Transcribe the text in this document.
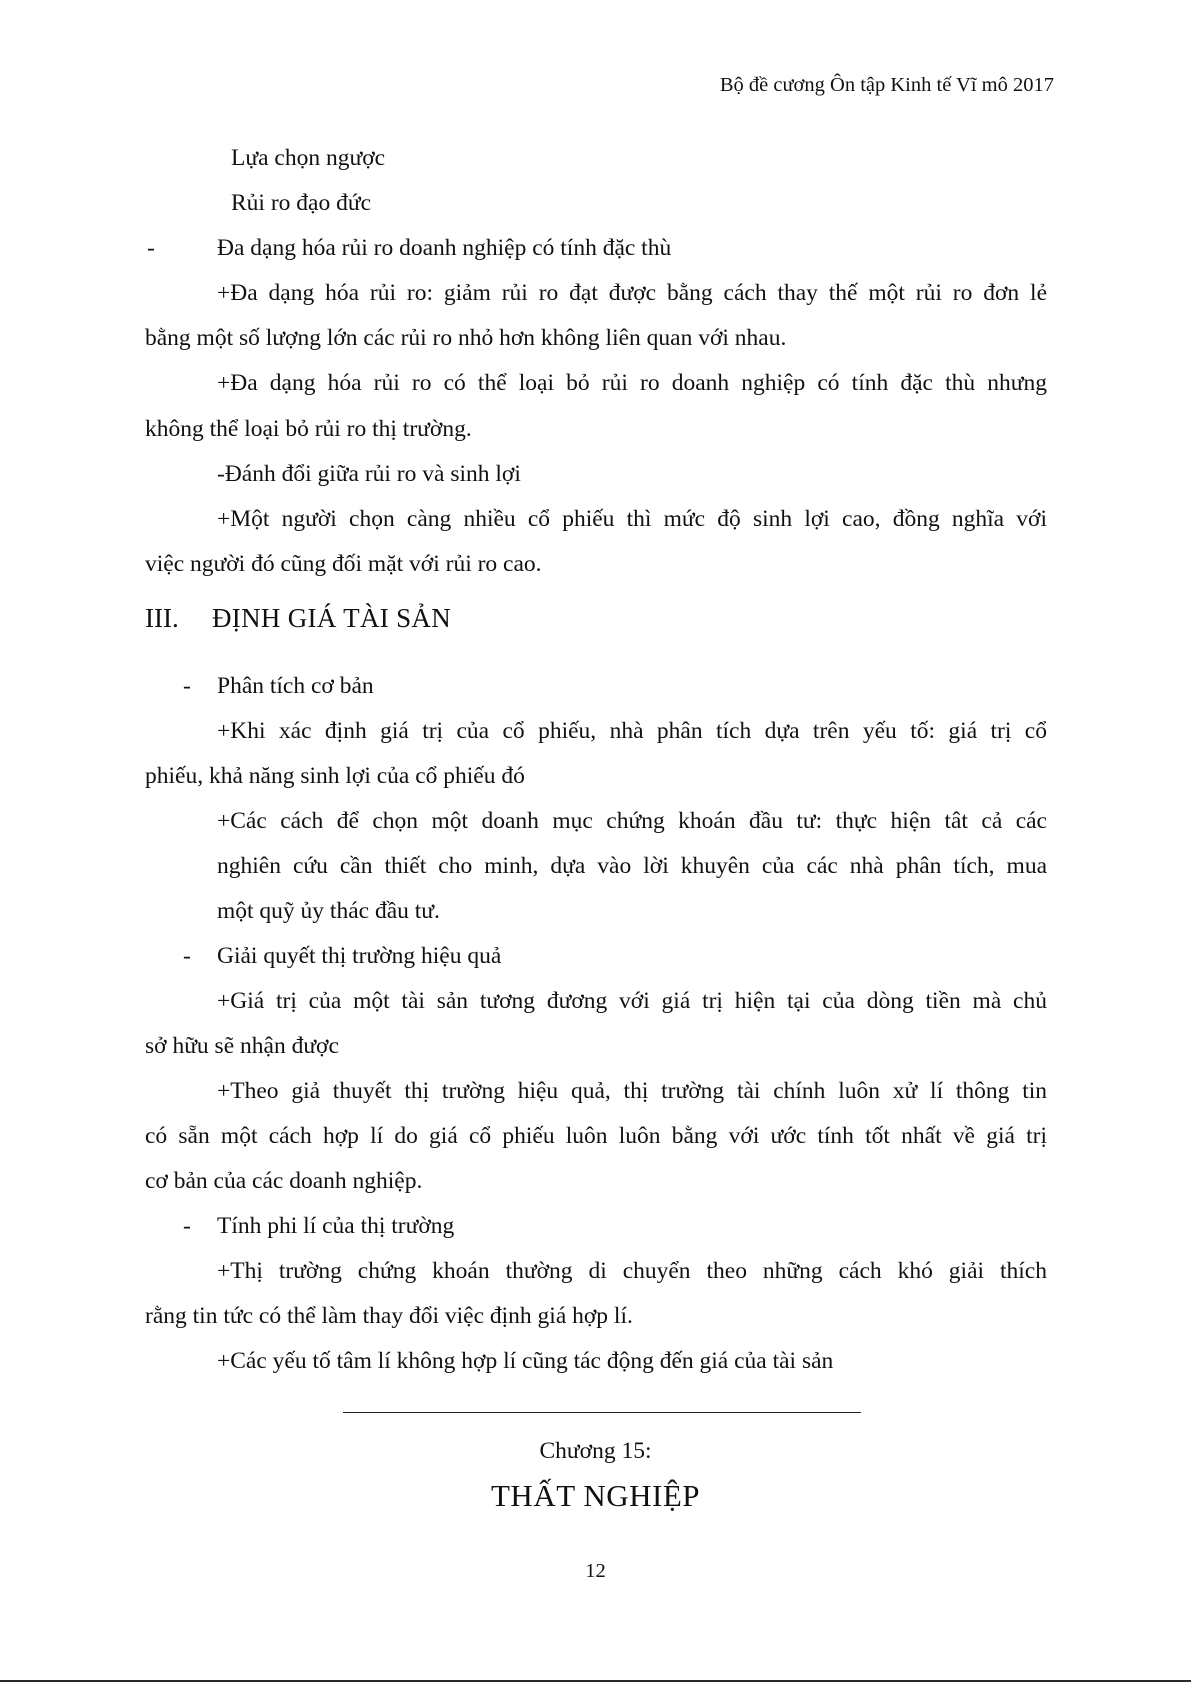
Bộ đề cương Ôn tập Kinh tế Vĩ mô 2017
Lựa chọn ngược
Rủi ro đạo đức
-	Đa dạng hóa rủi ro doanh nghiệp có tính đặc thù
+Đa dạng hóa rủi ro: giảm rủi ro đạt được bằng cách thay thế một rủi ro đơn lẻ
bằng một số lượng lớn các rủi ro nhỏ hơn không liên quan với nhau.
+Đa dạng hóa rủi ro có thể loại bỏ rủi ro doanh nghiệp có tính đặc thù nhưng
không thể loại bỏ rủi ro thị trường.
-Đánh đổi giữa rủi ro và sinh lợi
+Một người chọn càng nhiều cổ phiếu thì mức độ sinh lợi cao, đồng nghĩa với
việc người đó cũng đối mặt với rủi ro cao.
III. ĐỊNH GIÁ TÀI SẢN
- Phân tích cơ bản
+Khi xác định giá trị của cổ phiếu, nhà phân tích dựa trên yếu tố: giá trị cổ
phiếu, khả năng sinh lợi của cổ phiếu đó
+Các cách để chọn một doanh mục chứng khoán đầu tư: thực hiện tât cả các
nghiên cứu cần thiết cho minh, dựa vào lời khuyên của các nhà phân tích, mua
một quỹ ủy thác đầu tư.
- Giải quyết thị trường hiệu quả
+Giá trị của một tài sản tương đương với giá trị hiện tại của dòng tiền mà chủ
sở hữu sẽ nhận được
+Theo giả thuyết thị trường hiệu quả, thị trường tài chính luôn xử lí thông tin
có sẵn một cách hợp lí do giá cổ phiếu luôn luôn bằng với ước tính tốt nhất về giá trị
cơ bản của các doanh nghiệp.
- Tính phi lí của thị trường
+Thị trường chứng khoán thường di chuyển theo những cách khó giải thích
rằng tin tức có thể làm thay đổi việc định giá hợp lí.
+Các yếu tố tâm lí không hợp lí cũng tác động đến giá của tài sản
Chương 15:
THẤT NGHIỆP
12
